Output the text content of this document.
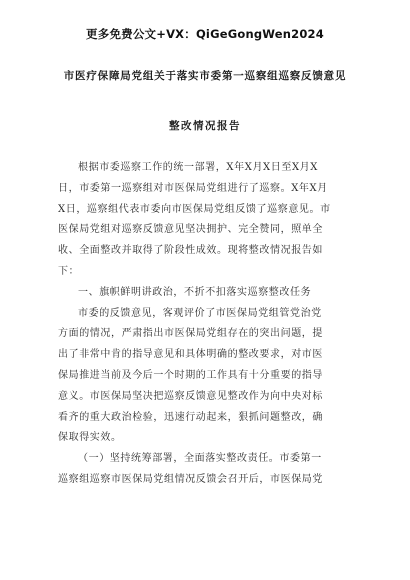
更多免费公文+VX：QiGeGongWen2024
市医疗保障局党组关于落实市委第一巡察组巡察反馈意见
整改情况报告
根据市委巡察工作的统一部署，X年X月X日至X月X
日，市委第一巡察组对市医保局党组进行了巡察。X年X月
X日，巡察组代表市委向市医保局党组反馈了巡察意见。市
医保局党组对巡察反馈意见坚决拥护、完全赞同，照单全
收、全面整改并取得了阶段性成效。现将整改情况报告如
下：
一、旗帜鲜明讲政治，不折不扣落实巡察整改任务
市委的反馈意见，客观评价了市医保局党组管党治党
方面的情况，严肃指出市医保局党组存在的突出问题，提
出了非常中肯的指导意见和具体明确的整改要求，对市医
保局推进当前及今后一个时期的工作具有十分重要的指导
意义。市医保局坚决把巡察反馈意见整改作为向中央对标
看齐的重大政治检验，迅速行动起来，狠抓问题整改，确
保取得实效。
（一）坚持统筹部署，全面落实整改责任。市委第一
巡察组巡察市医保局党组情况反馈会召开后，市医保局党
